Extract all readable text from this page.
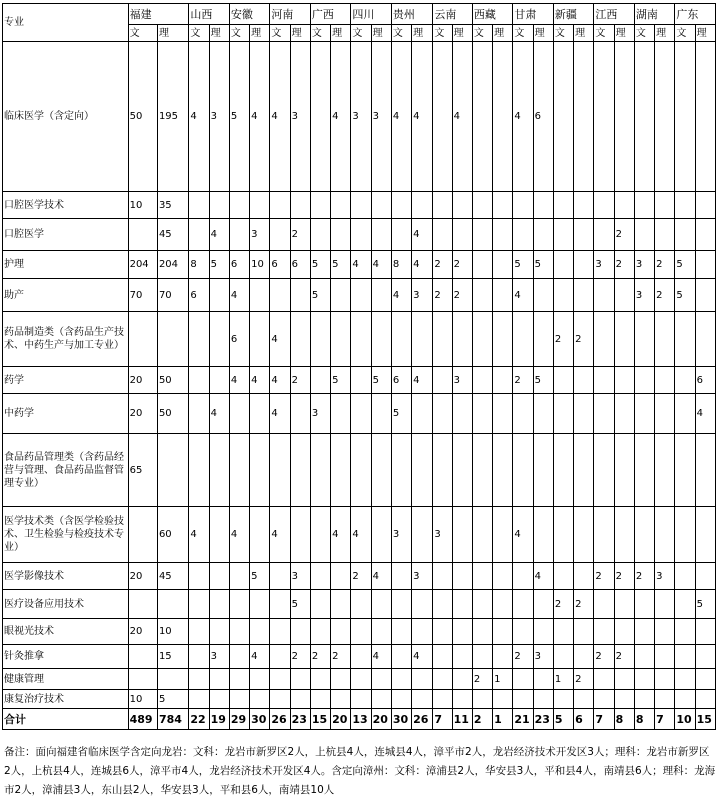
专业	福建		山西		安徽		河南		广西		四川		贵州		云南		西藏		甘肃		新疆		江西		湖南		广东	
	文	理	文	理	文	理	文	理	文	理	文	理	文	理	文	理	文	理	文	理	文	理	文	理	文	理	文	理
临床医学（含定向）	50	195	4	3	5	4	4	3		4	3	3	4	4		4			4	6								
口腔医学技术	10	35																										
口腔医学		45		4		3		2						4										2				
护理	204	204	8	5	6	10	6	6	5	5	4	4	8	4	2	2			5	5			3	2	3	2	5	
助产	70	70	6		4				5				4	3	2	2			4						3	2	5	
药品制造类（含药品生产技术、中药生产与加工专业）					6		4														2	2						
药学	20	50			4	4	4	2		5		5	6	4		3			2	5								6
中药学	20	50		4			4		3				5															4
食品药品管理类（含药品经营与管理、食品药品监督管理专业）	65																											
医学技术类（含医学检验技术、卫生检验与检疫技术专业）		60	4		4		4			4	4		3		3				4									
医学影像技术	20	45				5		3			2	4		3						4			2	2	2	3		
医疗设备应用技术								5													2	2						5
眼视光技术	20	10																										
针灸推拿		15		3		4		2	2	2		4		4					2	3			2	2				
健康管理																	2	1			1	2						
康复治疗技术	10	5																										
合计	489	784	22	19	29	30	26	23	15	20	13	20	30	26	7	11	2	1	21	23	5	6	7	8	8	7	10	15
备注：面向福建省临床医学含定向龙岩：文科：龙岩市新罗区2人，上杭县4人，连城县4人，漳平市2人，龙岩经济技术开发区3人；理科：龙岩市新罗区2人，上杭县4人，连城县6人，漳平市4人，龙岩经济技术开发区4人。含定向漳州：文科：漳浦县2人，华安县3人，平和县4人，南靖县6人；理科：龙海市2人，漳浦县3人，东山县2人，华安县3人，平和县6人，南靖县10人
